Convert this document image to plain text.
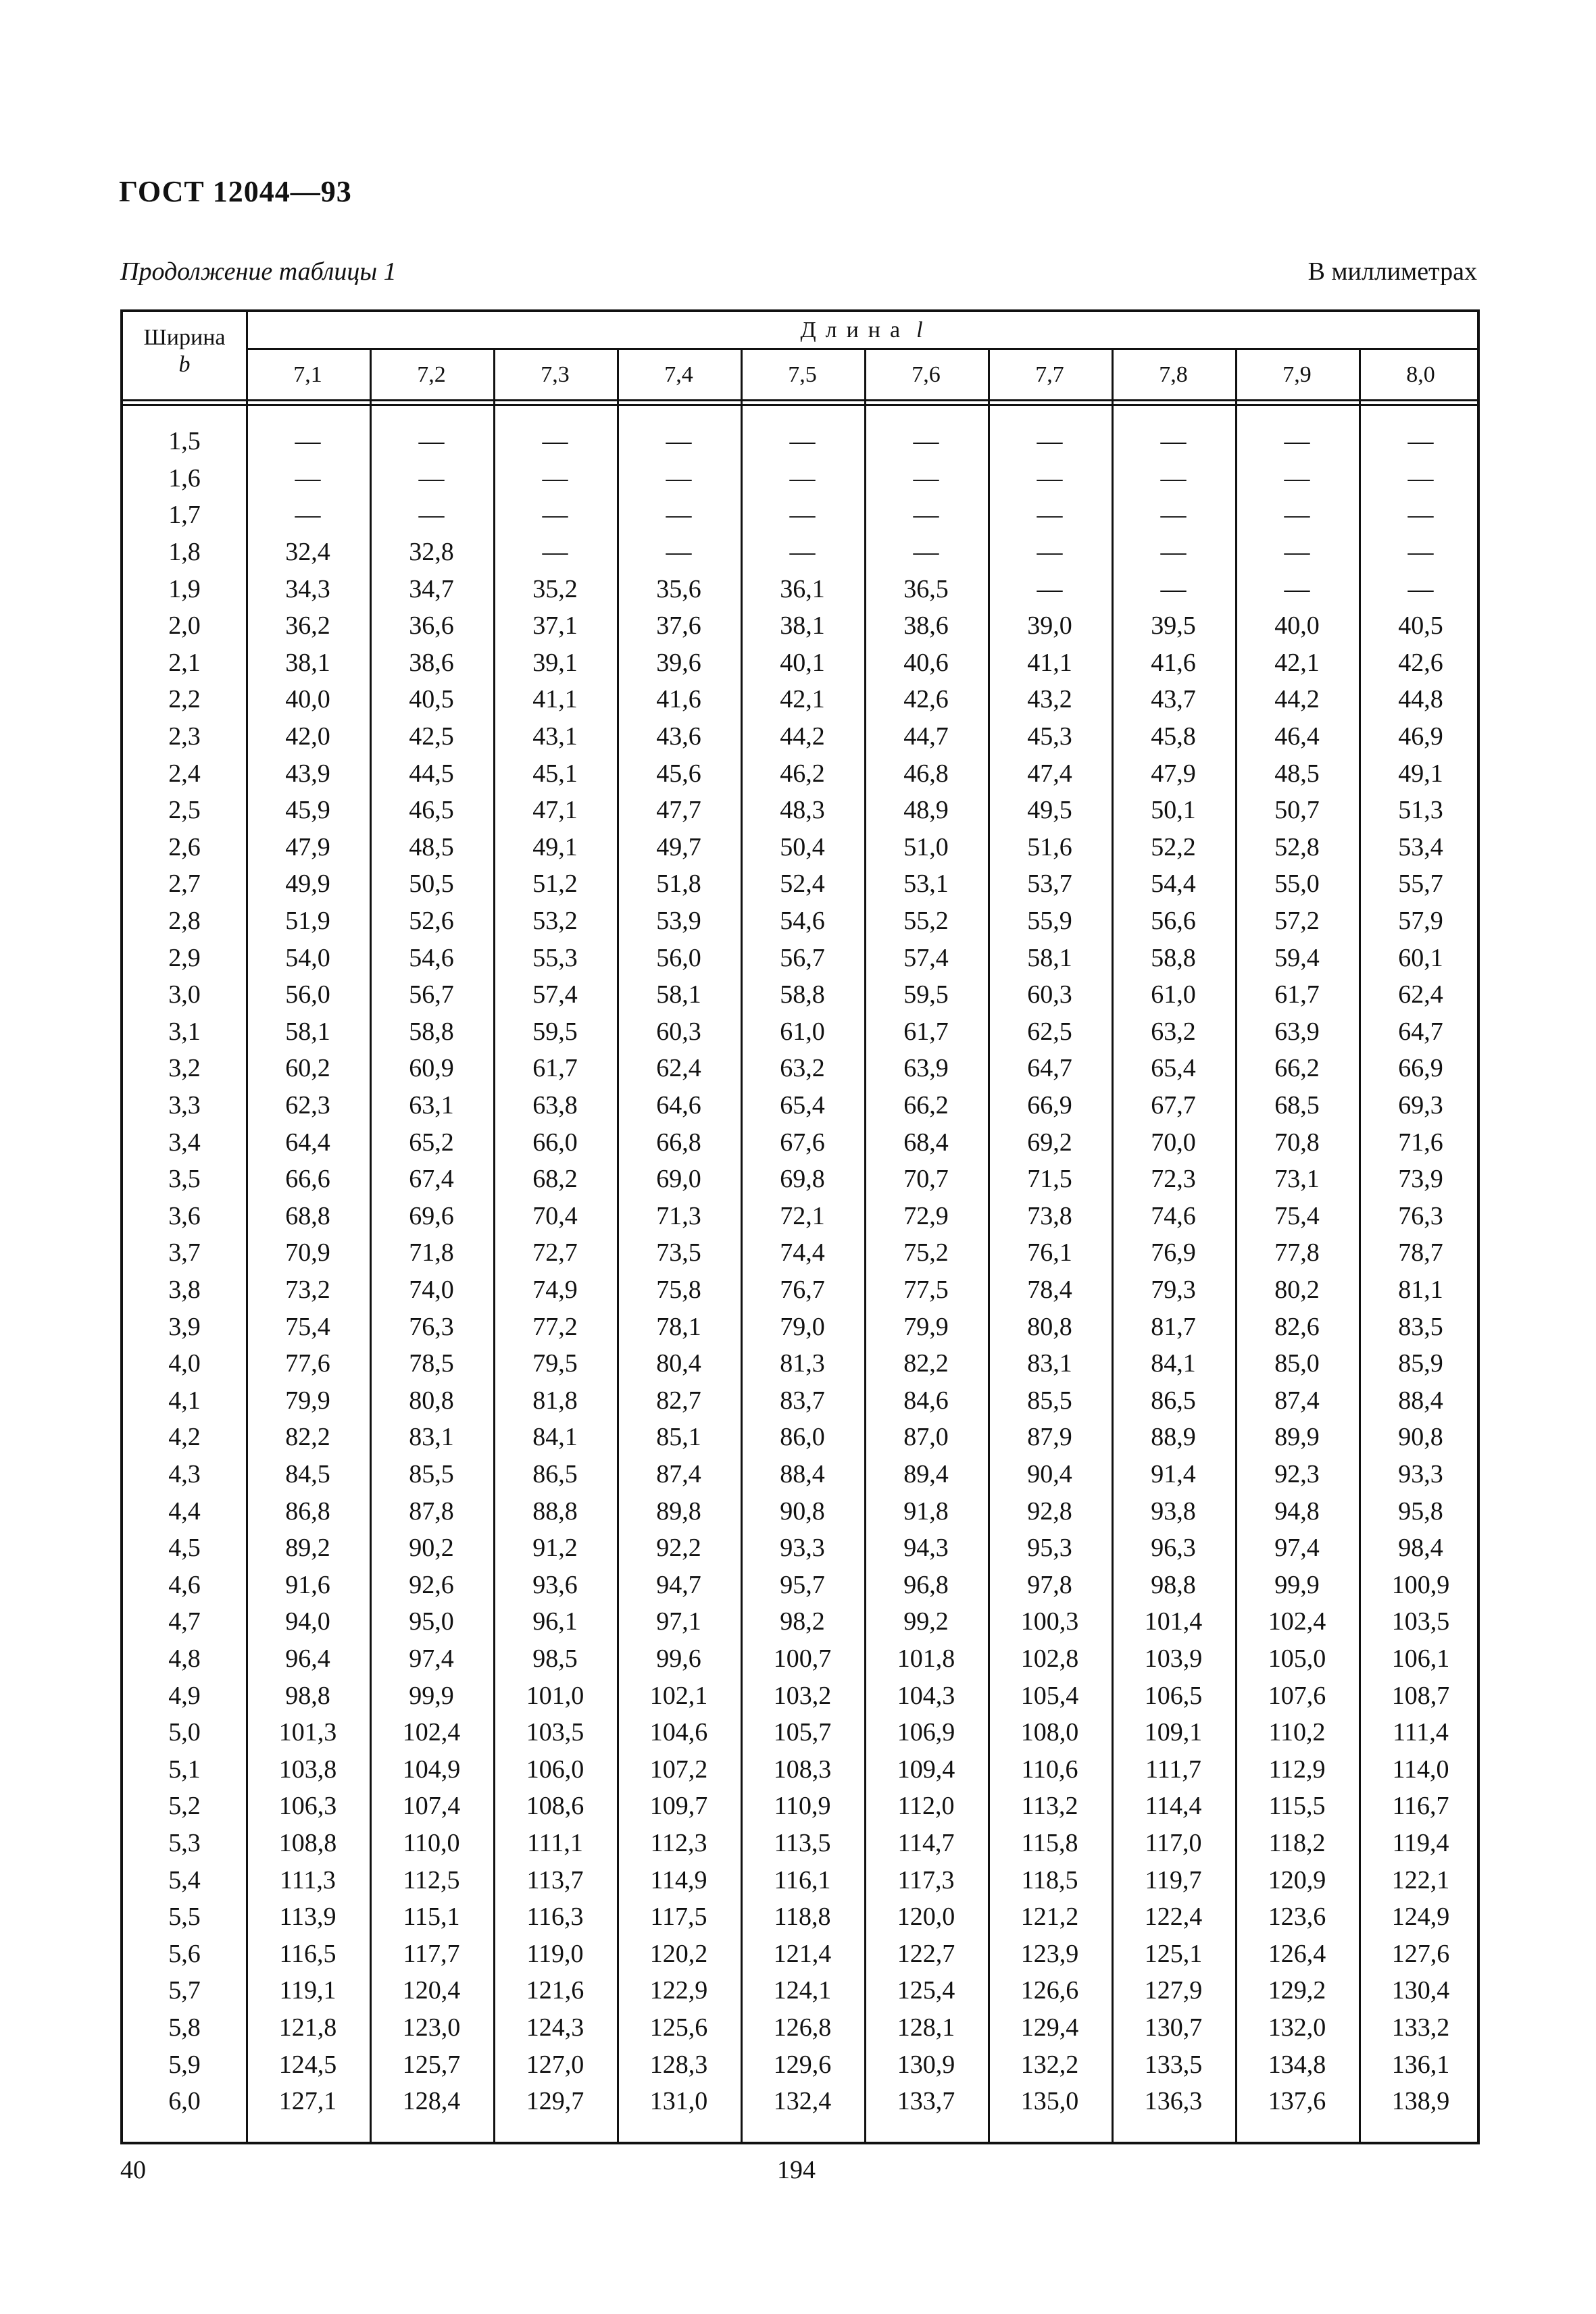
ГОСТ 12044—93
Продолжение таблицы 1	В миллиметрах
Ширина
b
Длина l
7,1	7,2	7,3	7,4	7,5	7,6	7,7	7,8	7,9	8,0
1,5	—	—	—	—	—	—	—	—	—	—
1,6	—	—	—	—	—	—	—	—	—	—
1,7	—	—	—	—	—	—	—	—	—	—
1,8	32,4	32,8	—	—	—	—	—	—	—	—
1,9	34,3	34,7	35,2	35,6	36,1	36,5	—	—	—	—
2,0	36,2	36,6	37,1	37,6	38,1	38,6	39,0	39,5	40,0	40,5
2,1	38,1	38,6	39,1	39,6	40,1	40,6	41,1	41,6	42,1	42,6
2,2	40,0	40,5	41,1	41,6	42,1	42,6	43,2	43,7	44,2	44,8
2,3	42,0	42,5	43,1	43,6	44,2	44,7	45,3	45,8	46,4	46,9
2,4	43,9	44,5	45,1	45,6	46,2	46,8	47,4	47,9	48,5	49,1
2,5	45,9	46,5	47,1	47,7	48,3	48,9	49,5	50,1	50,7	51,3
2,6	47,9	48,5	49,1	49,7	50,4	51,0	51,6	52,2	52,8	53,4
2,7	49,9	50,5	51,2	51,8	52,4	53,1	53,7	54,4	55,0	55,7
2,8	51,9	52,6	53,2	53,9	54,6	55,2	55,9	56,6	57,2	57,9
2,9	54,0	54,6	55,3	56,0	56,7	57,4	58,1	58,8	59,4	60,1
3,0	56,0	56,7	57,4	58,1	58,8	59,5	60,3	61,0	61,7	62,4
3,1	58,1	58,8	59,5	60,3	61,0	61,7	62,5	63,2	63,9	64,7
3,2	60,2	60,9	61,7	62,4	63,2	63,9	64,7	65,4	66,2	66,9
3,3	62,3	63,1	63,8	64,6	65,4	66,2	66,9	67,7	68,5	69,3
3,4	64,4	65,2	66,0	66,8	67,6	68,4	69,2	70,0	70,8	71,6
3,5	66,6	67,4	68,2	69,0	69,8	70,7	71,5	72,3	73,1	73,9
3,6	68,8	69,6	70,4	71,3	72,1	72,9	73,8	74,6	75,4	76,3
3,7	70,9	71,8	72,7	73,5	74,4	75,2	76,1	76,9	77,8	78,7
3,8	73,2	74,0	74,9	75,8	76,7	77,5	78,4	79,3	80,2	81,1
3,9	75,4	76,3	77,2	78,1	79,0	79,9	80,8	81,7	82,6	83,5
4,0	77,6	78,5	79,5	80,4	81,3	82,2	83,1	84,1	85,0	85,9
4,1	79,9	80,8	81,8	82,7	83,7	84,6	85,5	86,5	87,4	88,4
4,2	82,2	83,1	84,1	85,1	86,0	87,0	87,9	88,9	89,9	90,8
4,3	84,5	85,5	86,5	87,4	88,4	89,4	90,4	91,4	92,3	93,3
4,4	86,8	87,8	88,8	89,8	90,8	91,8	92,8	93,8	94,8	95,8
4,5	89,2	90,2	91,2	92,2	93,3	94,3	95,3	96,3	97,4	98,4
4,6	91,6	92,6	93,6	94,7	95,7	96,8	97,8	98,8	99,9	100,9
4,7	94,0	95,0	96,1	97,1	98,2	99,2	100,3	101,4	102,4	103,5
4,8	96,4	97,4	98,5	99,6	100,7	101,8	102,8	103,9	105,0	106,1
4,9	98,8	99,9	101,0	102,1	103,2	104,3	105,4	106,5	107,6	108,7
5,0	101,3	102,4	103,5	104,6	105,7	106,9	108,0	109,1	110,2	111,4
5,1	103,8	104,9	106,0	107,2	108,3	109,4	110,6	111,7	112,9	114,0
5,2	106,3	107,4	108,6	109,7	110,9	112,0	113,2	114,4	115,5	116,7
5,3	108,8	110,0	111,1	112,3	113,5	114,7	115,8	117,0	118,2	119,4
5,4	111,3	112,5	113,7	114,9	116,1	117,3	118,5	119,7	120,9	122,1
5,5	113,9	115,1	116,3	117,5	118,8	120,0	121,2	122,4	123,6	124,9
5,6	116,5	117,7	119,0	120,2	121,4	122,7	123,9	125,1	126,4	127,6
5,7	119,1	120,4	121,6	122,9	124,1	125,4	126,6	127,9	129,2	130,4
5,8	121,8	123,0	124,3	125,6	126,8	128,1	129,4	130,7	132,0	133,2
5,9	124,5	125,7	127,0	128,3	129,6	130,9	132,2	133,5	134,8	136,1
6,0	127,1	128,4	129,7	131,0	132,4	133,7	135,0	136,3	137,6	138,9
40	194
